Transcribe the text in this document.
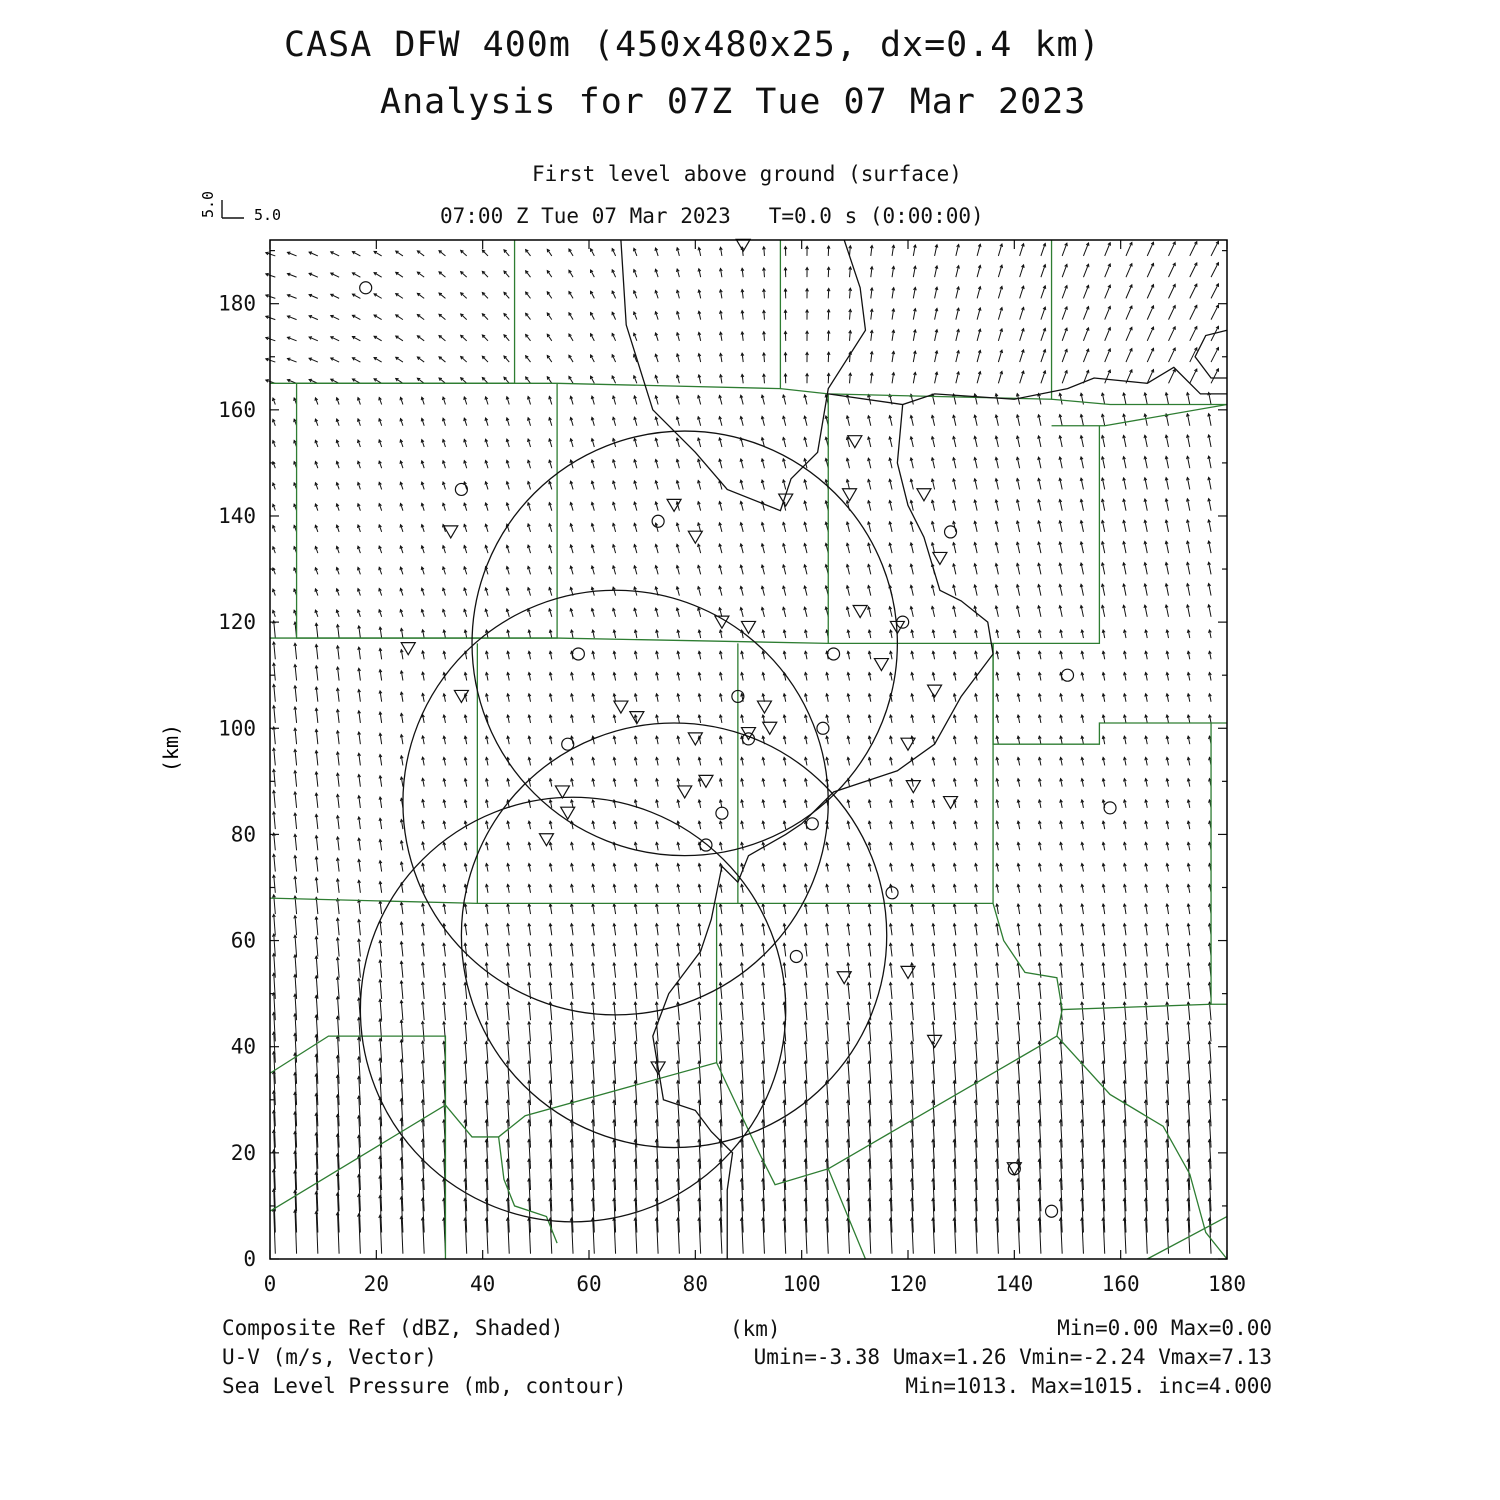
CASA DFW 400m (450x480x25, dx=0.4 km)
Analysis for 07Z Tue 07 Mar 2023
First level above ground (surface)
07:00 Z Tue 07 Mar 2023   T=0.0 s (0:00:00)
5.0 5.0
0	20	40	60	80	100	120	140	160	180
0
20
40
60
80
100
120
140
160
180
(km)
Composite Ref (dBZ, Shaded)	(km)	Min=0.00 Max=0.00
U-V (m/s, Vector)	Umin=-3.38 Umax=1.26 Vmin=-2.24 Vmax=7.13
Sea Level Pressure (mb, contour)	Min=1013. Max=1015. inc=4.000
